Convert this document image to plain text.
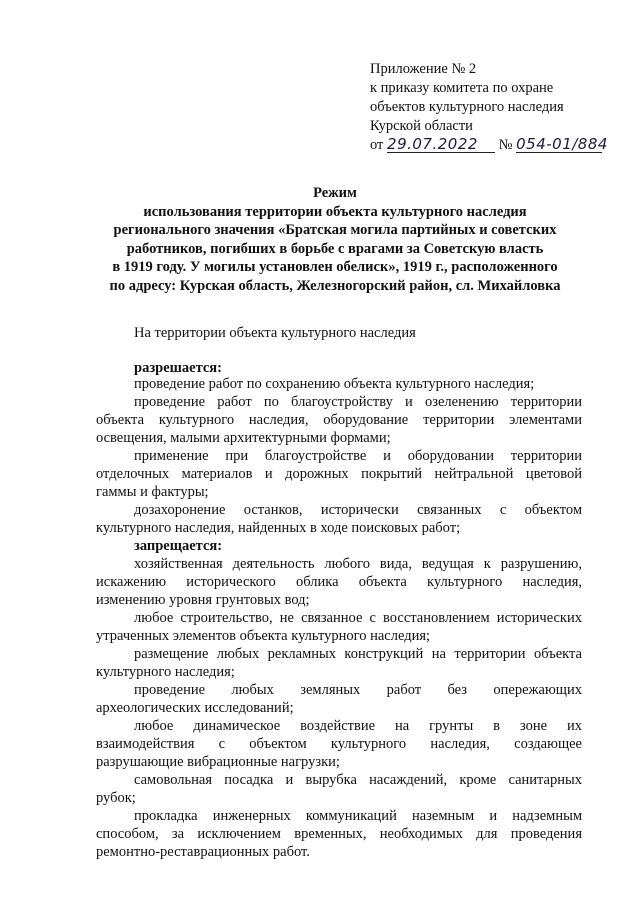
Приложение № 2
к приказу комитета по охране
объектов культурного наследия
Курской области
от 29.07.2022 № 054-01/884
Режим
использования территории объекта культурного наследия
регионального значения «Братская могила партийных и советских
работников, погибших в борьбе с врагами за Советскую власть
в 1919 году. У могилы установлен обелиск», 1919 г., расположенного
по адресу: Курская область, Железногорский район, сл. Михайловка
На территории объекта культурного наследия
разрешается:
проведение работ по сохранению объекта культурного наследия;
проведение работ по благоустройству и озеленению территории
объекта культурного наследия, оборудование территории элементами
освещения, малыми архитектурными формами;
применение при благоустройстве и оборудовании территории
отделочных материалов и дорожных покрытий нейтральной цветовой
гаммы и фактуры;
дозахоронение останков, исторически связанных с объектом
культурного наследия, найденных в ходе поисковых работ;
запрещается:
хозяйственная деятельность любого вида, ведущая к разрушению,
искажению исторического облика объекта культурного наследия,
изменению уровня грунтовых вод;
любое строительство, не связанное с восстановлением исторических
утраченных элементов объекта культурного наследия;
размещение любых рекламных конструкций на территории объекта
культурного наследия;
проведение любых земляных работ без опережающих
археологических исследований;
любое динамическое воздействие на грунты в зоне их
взаимодействия с объектом культурного наследия, создающее
разрушающие вибрационные нагрузки;
самовольная посадка и вырубка насаждений, кроме санитарных
рубок;
прокладка инженерных коммуникаций наземным и надземным
способом, за исключением временных, необходимых для проведения
ремонтно-реставрационных работ.
